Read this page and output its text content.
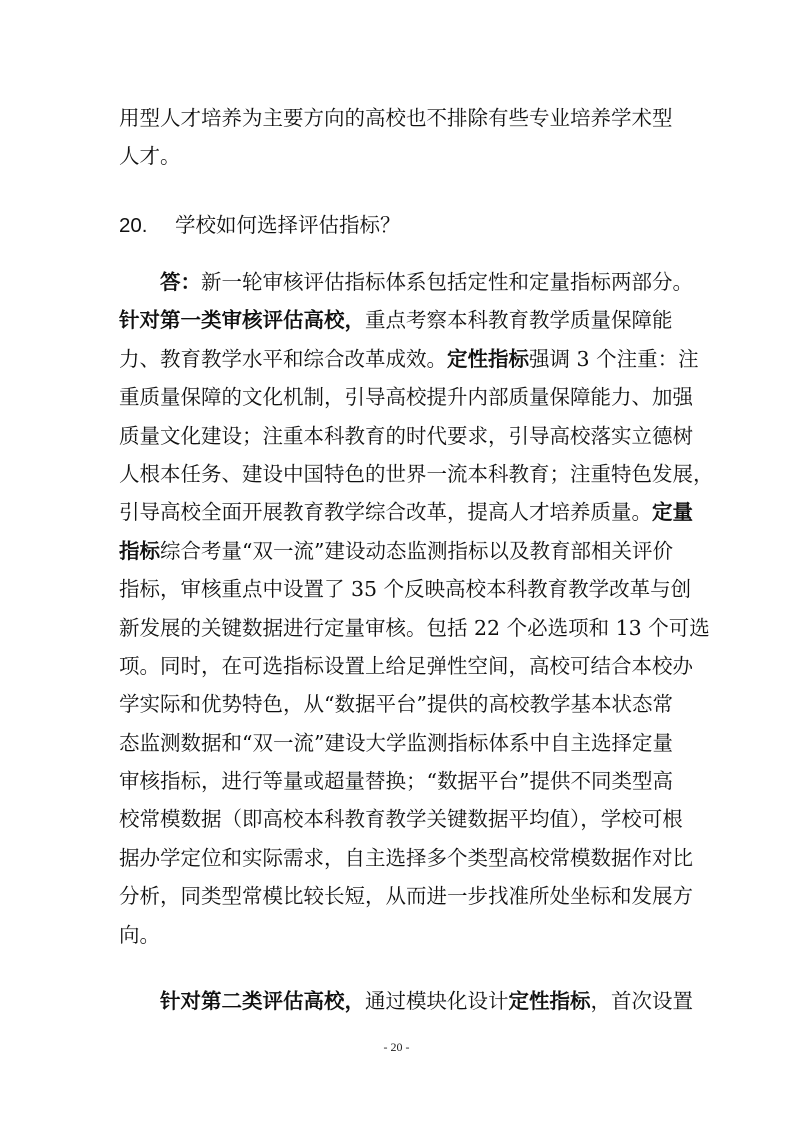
用型人才培养为主要方向的高校也不排除有些专业培养学术型
人才。

20. 学校如何选择评估指标？

答：新一轮审核评估指标体系包括定性和定量指标两部分。
针对第一类审核评估高校，重点考察本科教育教学质量保障能
力、教育教学水平和综合改革成效。定性指标强调 3 个注重：注
重质量保障的文化机制，引导高校提升内部质量保障能力、加强
质量文化建设；注重本科教育的时代要求，引导高校落实立德树
人根本任务、建设中国特色的世界一流本科教育；注重特色发展，
引导高校全面开展教育教学综合改革，提高人才培养质量。定量
指标综合考量“双一流”建设动态监测指标以及教育部相关评价
指标，审核重点中设置了 35 个反映高校本科教育教学改革与创
新发展的关键数据进行定量审核。包括 22 个必选项和 13 个可选
项。同时，在可选指标设置上给足弹性空间，高校可结合本校办
学实际和优势特色，从“数据平台”提供的高校教学基本状态常
态监测数据和“双一流”建设大学监测指标体系中自主选择定量
审核指标，进行等量或超量替换；“数据平台”提供不同类型高
校常模数据（即高校本科教育教学关键数据平均值），学校可根
据办学定位和实际需求，自主选择多个类型高校常模数据作对比
分析，同类型常模比较长短，从而进一步找准所处坐标和发展方
向。

针对第二类评估高校，通过模块化设计定性指标，首次设置

- 20 -
